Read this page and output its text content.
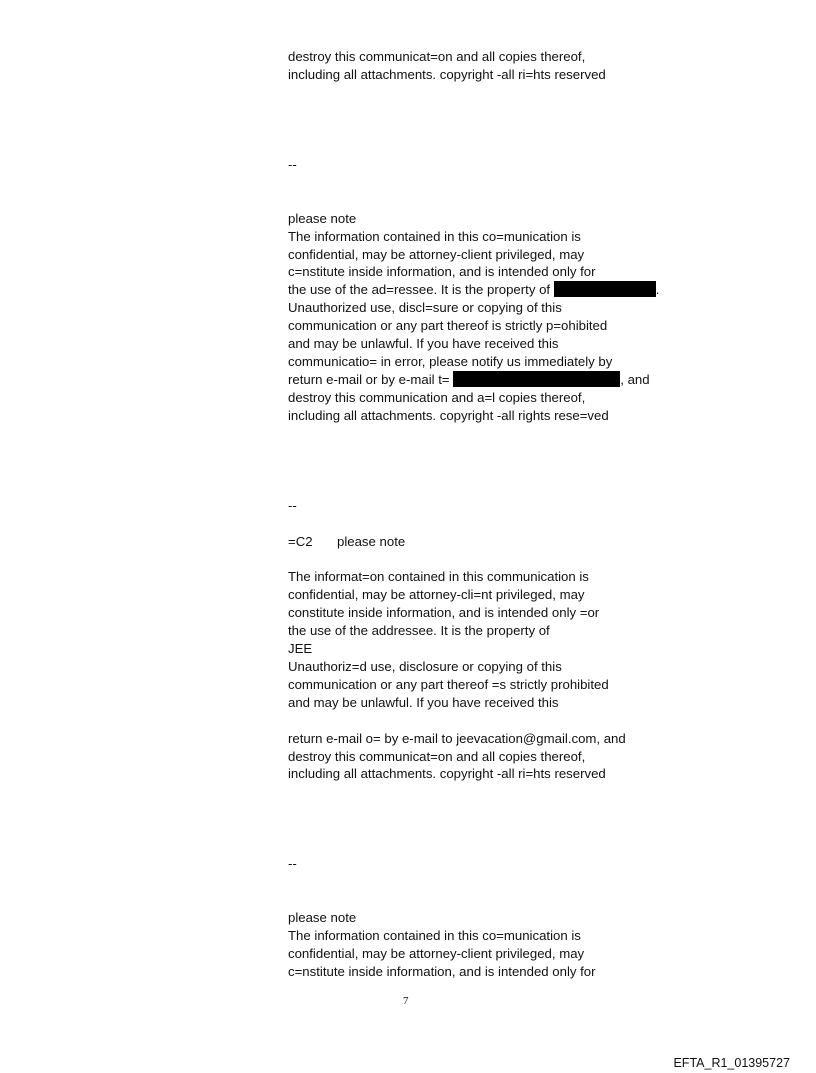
destroy this communicat=on and all copies thereof,
including all attachments. copyright -all ri=hts reserved
--
please note
The information contained in this co=munication is
confidential, may be attorney-client privileged, may
c=nstitute inside information, and is intended only for
the use of the ad=ressee. It is the property of	.
Unauthorized use, discl=sure or copying of this
communication or any part thereof is strictly p=ohibited
and may be unlawful. If you have received this
communicatio= in error, please notify us immediately by
return e-mail or by e-mail t=	, and
destroy this communication and a=l copies thereof,
including all attachments. copyright -all rights rese=ved
--
=C2 please note
The informat=on contained in this communication is
confidential, may be attorney-cli=nt privileged, may
constitute inside information, and is intended only =or
the use of the addressee. It is the property of
JEE
Unauthoriz=d use, disclosure or copying of this
communication or any part thereof =s strictly prohibited
and may be unlawful. If you have received this
return e-mail o= by e-mail to jeevacation@gmail.com, and
destroy this communicat=on and all copies thereof,
including all attachments. copyright -all ri=hts reserved
--
please note
The information contained in this co=munication is
confidential, may be attorney-client privileged, may
c=nstitute inside information, and is intended only for
7
EFTA_R1_01395727
